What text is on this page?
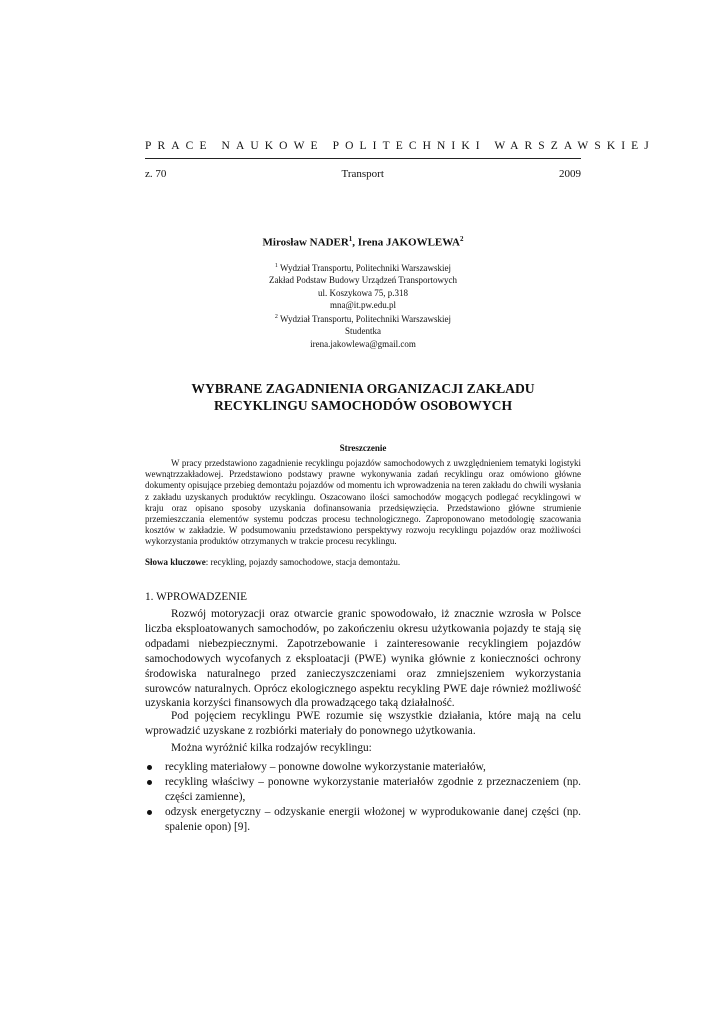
PRACE NAUKOWE POLITECHNIKI WARSZAWSKIEJ
z. 70	Transport	2009
Mirosław NADER$^1$, Irena JAKOWLEWA$^2$
$^1$ Wydział Transportu, Politechniki Warszawskiej
Zakład Podstaw Budowy Urządzeń Transportowych
ul. Koszykowa 75, p.318
mna@it.pw.edu.pl
$^2$ Wydział Transportu, Politechniki Warszawskiej
Studentka
irena.jakowlewa@gmail.com
WYBRANE ZAGADNIENIA ORGANIZACJI ZAKŁADU
RECYKLINGU SAMOCHODÓW OSOBOWYCH
Streszczenie

W pracy przedstawiono zagadnienie recyklingu pojazdów samochodowych z uwzględnieniem tematyki logistyki wewnątrzzakładowej. Przedstawiono podstawy prawne wykonywania zadań recyklingu oraz omówiono główne dokumenty opisujące przebieg demontażu pojazdów od momentu ich wprowadzenia na teren zakładu do chwili wysłania z zakładu uzyskanych produktów recyklingu. Oszacowano ilości samochodów mogących podlegać recyklingowi w kraju oraz opisano sposoby uzyskania dofinansowania przedsięwzięcia. Przedstawiono główne strumienie przemieszczania elementów systemu podczas procesu technologicznego. Zaproponowano metodologię szacowania kosztów w zakładzie. W podsumowaniu przedstawiono perspektywy rozwoju recyklingu pojazdów oraz możliwości wykorzystania produktów otrzymanych w trakcie procesu recyklingu.

Słowa kluczowe: recykling, pojazdy samochodowe, stacja demontażu.

1. WPROWADZENIE

Rozwój motoryzacji oraz otwarcie granic spowodowało, iż znacznie wzrosła w Polsce liczba eksploatowanych samochodów, po zakończeniu okresu użytkowania pojazdy te stają się odpadami niebezpiecznymi. Zapotrzebowanie i zainteresowanie recyklingiem pojazdów samochodowych wycofanych z eksploatacji (PWE) wynika głównie z konieczności ochrony środowiska naturalnego przed zanieczyszczeniami oraz zmniejszeniem wykorzystania surowców naturalnych. Oprócz ekologicznego aspektu recykling PWE daje również możliwość uzyskania korzyści finansowych dla prowadzącego taką działalność.

Pod pojęciem recyklingu PWE rozumie się wszystkie działania, które mają na celu wprowadzić uzyskane z rozbiórki materiały do ponownego użytkowania.

Można wyróżnić kilka rodzajów recyklingu:

recykling materiałowy – ponowne dowolne wykorzystanie materiałów,
recykling właściwy – ponowne wykorzystanie materiałów zgodnie z przeznaczeniem (np. części zamienne),
odzysk energetyczny – odzyskanie energii włożonej w wyprodukowanie danej części (np. spalenie opon) [9].
